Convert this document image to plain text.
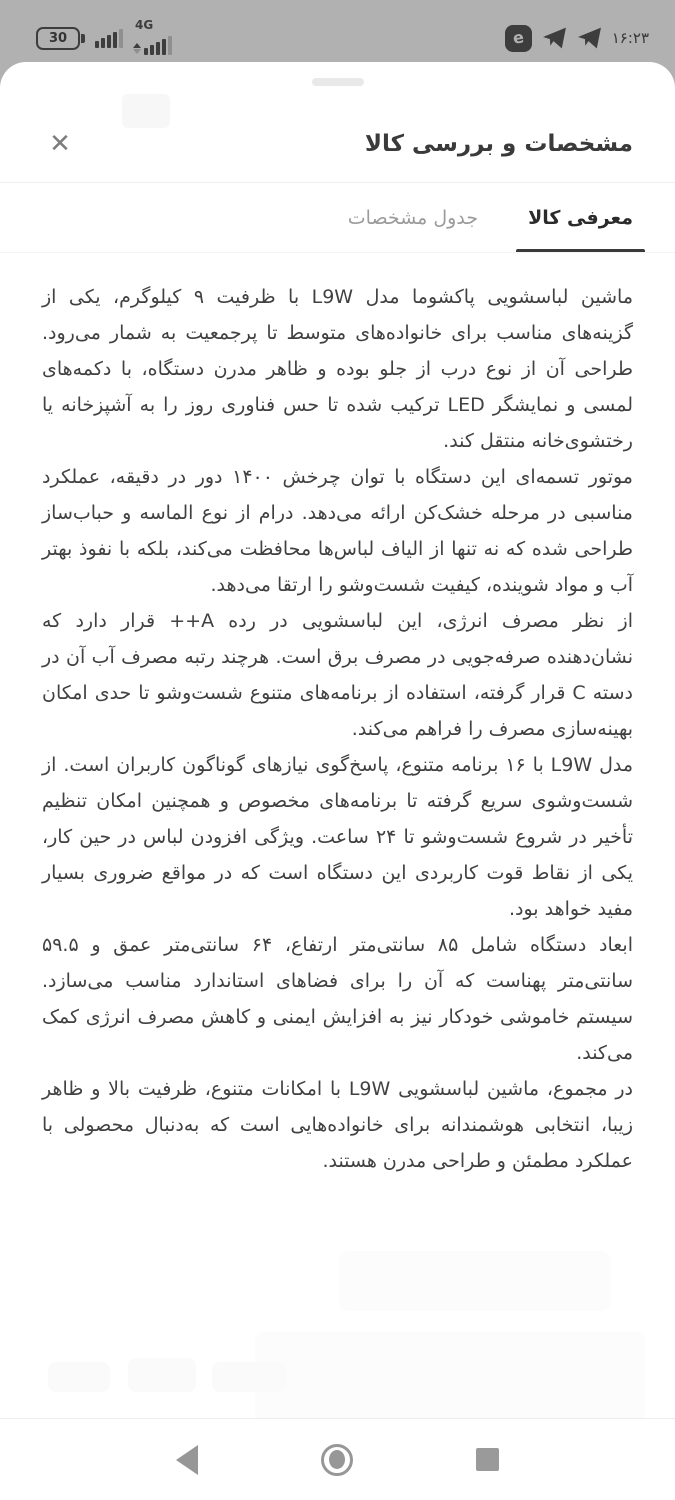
30
4G
e	۱۶:۲۳
مشخصات و بررسی کالا
✕
معرفی کالا
جدول مشخصات

ماشین لباسشویی پاکشوما مدل L9W با ظرفیت ۹ کیلوگرم، یکی از گزینه‌های مناسب برای خانواده‌های متوسط تا پرجمعیت به شمار می‌رود. طراحی آن از نوع درب از جلو بوده و ظاهر مدرن دستگاه، با دکمه‌های لمسی و نمایشگر LED ترکیب شده تا حس فناوری روز را به آشپزخانه یا رختشوی‌خانه منتقل کند.

موتور تسمه‌ای این دستگاه با توان چرخش ۱۴۰۰ دور در دقیقه، عملکرد مناسبی در مرحله خشک‌کن ارائه می‌دهد. درام از نوع الماسه و حباب‌ساز طراحی شده که نه تنها از الیاف لباس‌ها محافظت می‌کند، بلکه با نفوذ بهتر آب و مواد شوینده، کیفیت شست‌وشو را ارتقا می‌دهد.

از نظر مصرف انرژی، این لباسشویی در رده A++ قرار دارد که نشان‌دهنده صرفه‌جویی در مصرف برق است. هرچند رتبه مصرف آب آن در دسته C قرار گرفته، استفاده از برنامه‌های متنوع شست‌وشو تا حدی امکان بهینه‌سازی مصرف را فراهم می‌کند.

مدل L9W با ۱۶ برنامه متنوع، پاسخ‌گوی نیازهای گوناگون کاربران است. از شست‌وشوی سریع گرفته تا برنامه‌های مخصوص و همچنین امکان تنظیم تأخیر در شروع شست‌وشو تا ۲۴ ساعت. ویژگی افزودن لباس در حین کار، یکی از نقاط قوت کاربردی این دستگاه است که در مواقع ضروری بسیار مفید خواهد بود.

ابعاد دستگاه شامل ۸۵ سانتی‌متر ارتفاع، ۶۴ سانتی‌متر عمق و ۵۹.۵ سانتی‌متر پهناست که آن را برای فضاهای استاندارد مناسب می‌سازد. سیستم خاموشی خودکار نیز به افزایش ایمنی و کاهش مصرف انرژی کمک می‌کند.

در مجموع، ماشین لباسشویی L9W با امکانات متنوع، ظرفیت بالا و ظاهر زیبا، انتخابی هوشمندانه برای خانواده‌هایی است که به‌دنبال محصولی با عملکرد مطمئن و طراحی مدرن هستند.
